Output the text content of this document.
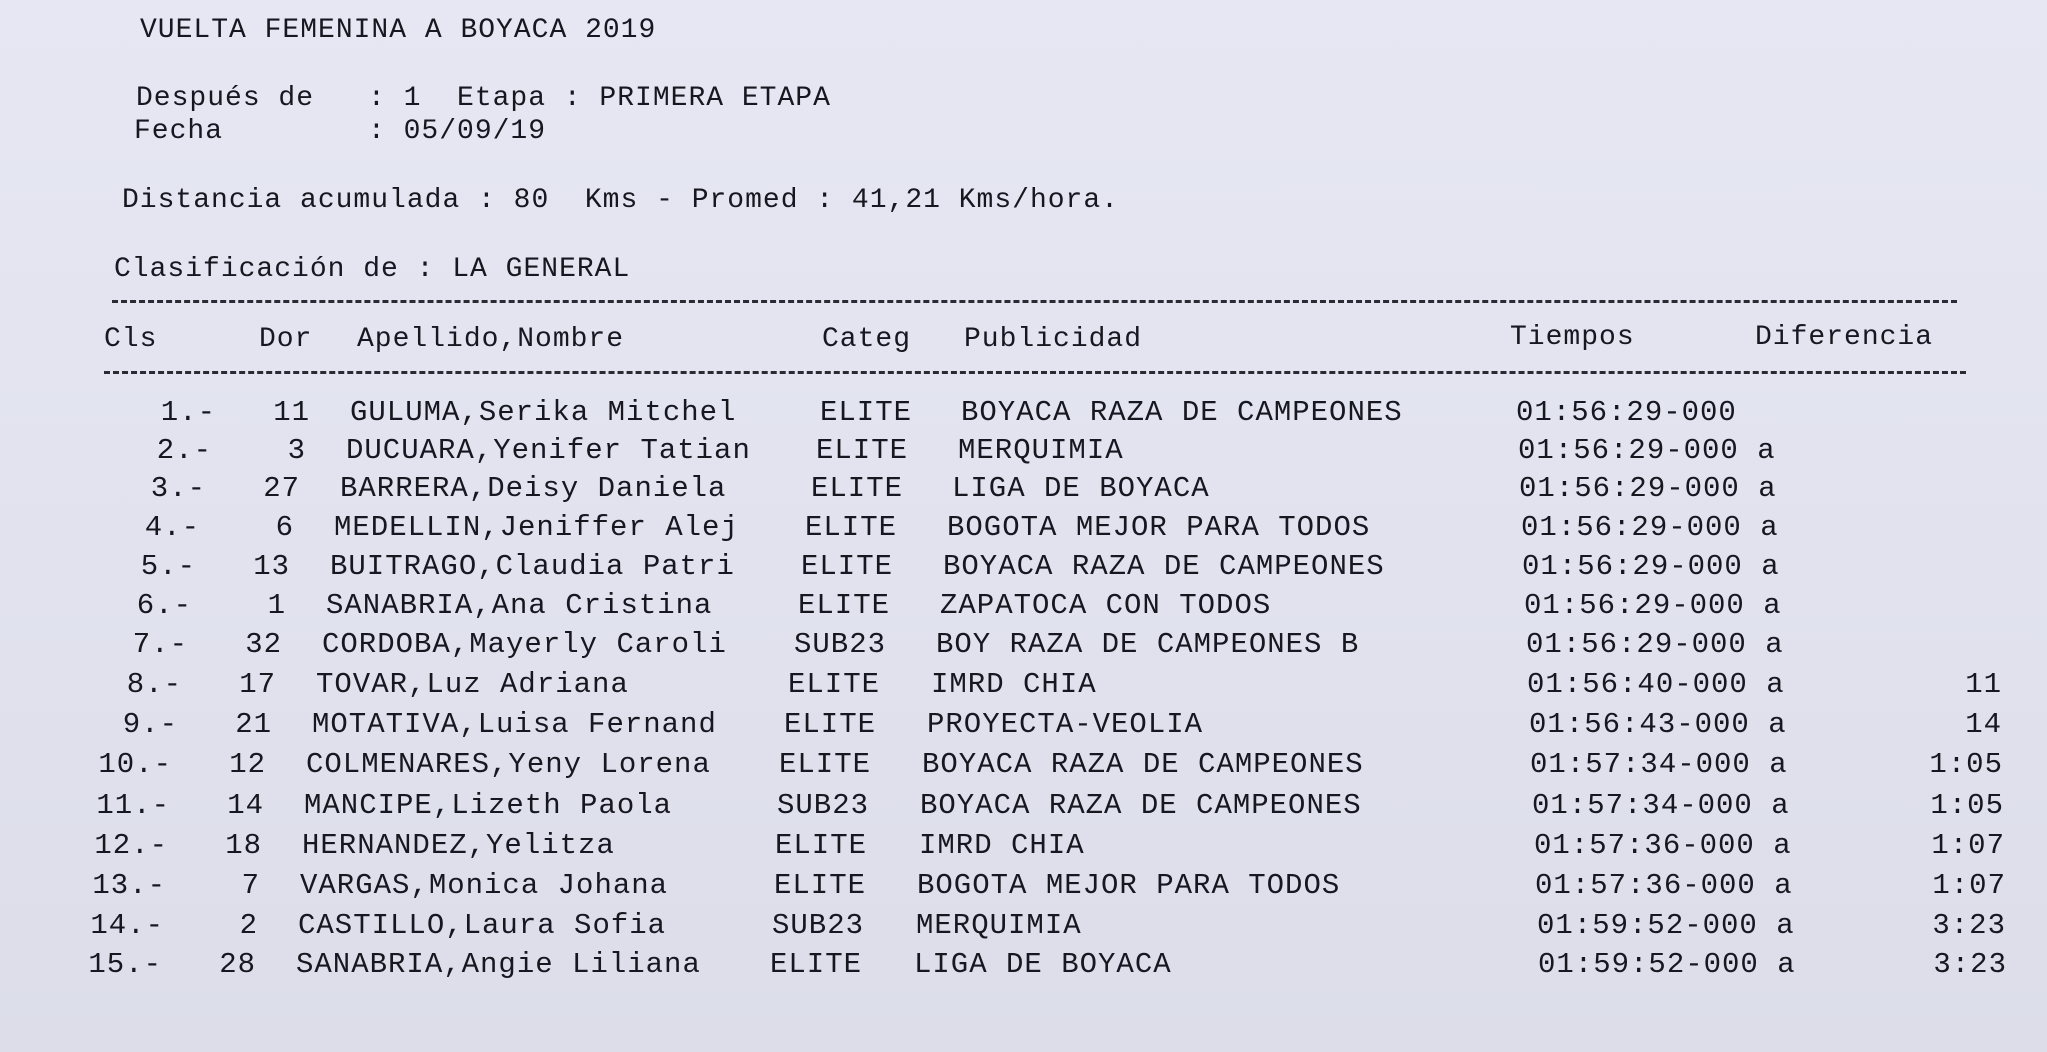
VUELTA FEMENINA A BOYACA 2019
Después de : 1  Etapa : PRIMERA ETAPA
Fecha	: 05/09/19
Distancia acumulada : 80  Kms - Promed : 41,21 Kms/hora.
Clasificación de : LA GENERAL
Cls	Dor Apellido,Nombre	Categ Publicidad	Tiempos	Diferencia
1.-	11 GULUMA,Serika Mitchel	ELITE BOYACA RAZA DE CAMPEONES	01:56:29-000
2.-	3 DUCUARA,Yenifer Tatian ELITE MERQUIMIA	01:56:29-000 a
3.-	27 BARRERA,Deisy Daniela	ELITE LIGA DE BOYACA	01:56:29-000 a
4.-	6 MEDELLIN,Jeniffer Alej ELITE BOGOTA MEJOR PARA TODOS	01:56:29-000 a
5.-	13 BUITRAGO,Claudia Patri ELITE BOYACA RAZA DE CAMPEONES	01:56:29-000 a
6.-	1 SANABRIA,Ana Cristina	ELITE ZAPATOCA CON TODOS	01:56:29-000 a
7.-	32 CORDOBA,Mayerly Caroli SUB23 BOY RAZA DE CAMPEONES B	01:56:29-000 a
8.-	17 TOVAR,Luz Adriana	ELITE IMRD CHIA	01:56:40-000 a	11
9.-	21 MOTATIVA,Luisa Fernand ELITE PROYECTA-VEOLIA	01:56:43-000 a	14
10.-	12 COLMENARES,Yeny Lorena ELITE BOYACA RAZA DE CAMPEONES	01:57:34-000 a	1:05
11.-	14 MANCIPE,Lizeth Paola	SUB23 BOYACA RAZA DE CAMPEONES	01:57:34-000 a	1:05
12.-	18 HERNANDEZ,Yelitza	ELITE IMRD CHIA	01:57:36-000 a	1:07
13.-	7 VARGAS,Monica Johana	ELITE BOGOTA MEJOR PARA TODOS	01:57:36-000 a	1:07
14.-	2 CASTILLO,Laura Sofia	SUB23 MERQUIMIA	01:59:52-000 a	3:23
15.-	28 SANABRIA,Angie Liliana ELITE LIGA DE BOYACA	01:59:52-000 a	3:23
